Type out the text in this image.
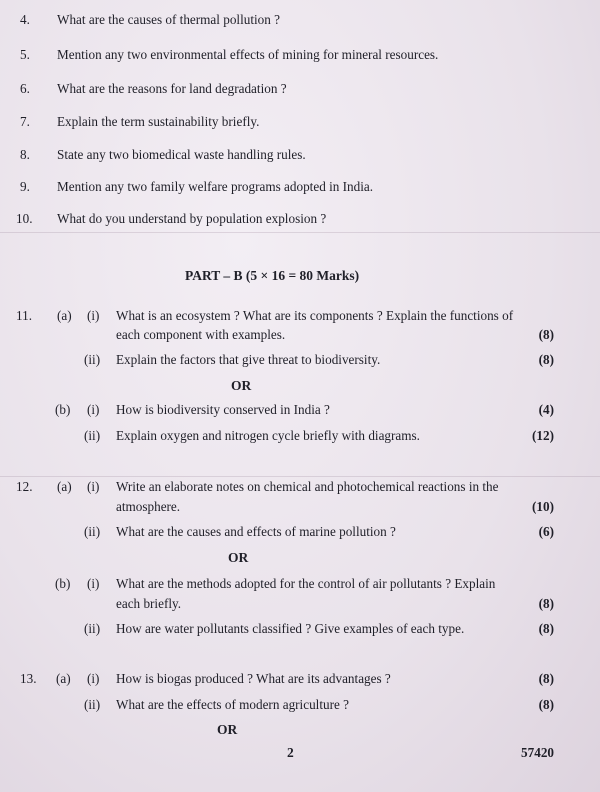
4. What are the causes of thermal pollution ?
5. Mention any two environmental effects of mining for mineral resources.
6. What are the reasons for land degradation ?
7. Explain the term sustainability briefly.
8. State any two biomedical waste handling rules.
9. Mention any two family welfare programs adopted in India.
10. What do you understand by population explosion ?
PART – B (5 × 16 = 80 Marks)
11. (a) (i) What is an ecosystem ? What are its components ? Explain the functions of
each component with examples.	(8)
(ii) Explain the factors that give threat to biodiversity.	(8)
OR
(b) (i) How is biodiversity conserved in India ?	(4)
(ii) Explain oxygen and nitrogen cycle briefly with diagrams.	(12)
12. (a) (i) Write an elaborate notes on chemical and photochemical reactions in the
atmosphere.	(10)
(ii) What are the causes and effects of marine pollution ?	(6)
OR
(b) (i) What are the methods adopted for the control of air pollutants ? Explain
each briefly.	(8)
(ii) How are water pollutants classified ? Give examples of each type.	(8)
13. (a) (i) How is biogas produced ? What are its advantages ?	(8)
(ii) What are the effects of modern agriculture ?	(8)
OR
2	57420
